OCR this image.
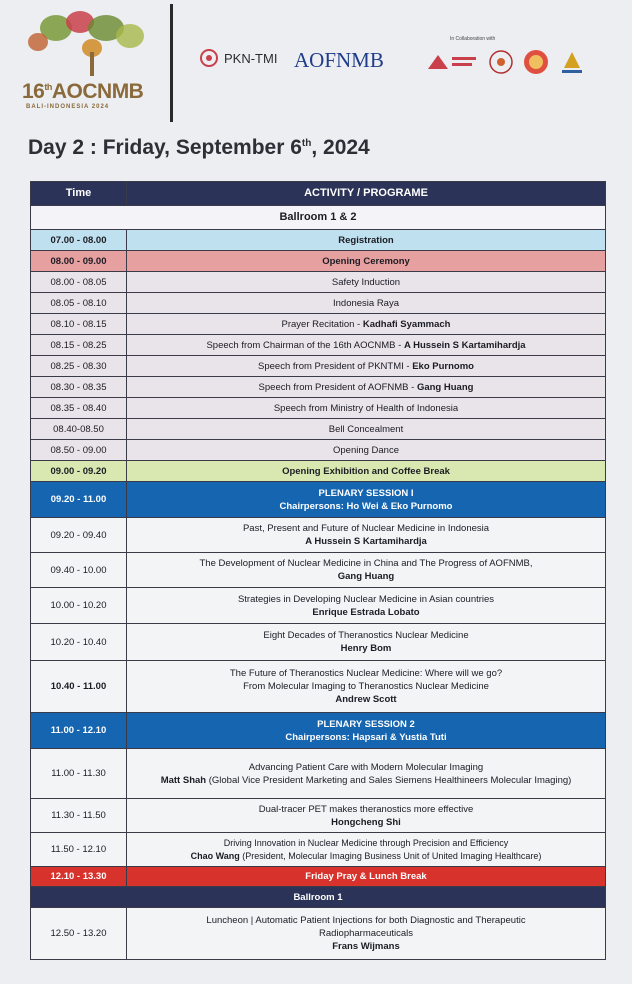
16thAOCNMB
BALI-INDONESIA 2024
PKN-TMI AOFNMB
In Collaboration with
Day 2 : Friday, September 6th, 2024
Time	ACTIVITY / PROGRAME
Ballroom 1 & 2	
07.00 - 08.00	Registration
08.00 - 09.00	Opening Ceremony
08.00 - 08.05	Safety Induction
08.05 - 08.10	Indonesia Raya
08.10 - 08.15	Prayer Recitation - Kadhafi Syammach
08.15 - 08.25	Speech from Chairman of the 16th AOCNMB - A Hussein S Kartamihardja
08.25 - 08.30	Speech from President of PKNTMI - Eko Purnomo
08.30 - 08.35	Speech from President of AOFNMB - Gang Huang
08.35 - 08.40	Speech from Ministry of Health of Indonesia
08.40-08.50	Bell Concealment
08.50 - 09.00	Opening Dance
09.00 - 09.20	Opening Exhibition and Coffee Break
09.20 - 11.00	PLENARY SESSION I
Chairpersons: Ho Wei & Eko Purnomo

09.20 - 09.40	Past, Present and Future of Nuclear Medicine in Indonesia
A Hussein S Kartamihardja

09.40 - 10.00	The Development of Nuclear Medicine in China and The Progress of AOFNMB,
Gang Huang

10.00 - 10.20	Strategies in Developing Nuclear Medicine in Asian countries
Enrique Estrada Lobato

10.20 - 10.40	Eight Decades of Theranostics Nuclear Medicine
Henry Bom

10.40 - 11.00	The Future of Theranostics Nuclear Medicine: Where will we go?
From Molecular Imaging to Theranostics Nuclear Medicine
Andrew Scott

11.00 - 12.10	PLENARY SESSION 2
Chairpersons: Hapsari & Yustia Tuti

11.00 - 11.30	Advancing Patient Care with Modern Molecular Imaging
Matt Shah (Global Vice President Marketing and Sales Siemens Healthineers Molecular Imaging)

11.30 - 11.50	Dual-tracer PET makes theranostics more effective
Hongcheng Shi

11.50 - 12.10	Driving Innovation in Nuclear Medicine through Precision and Efficiency
Chao Wang (President, Molecular Imaging Business Unit of United Imaging Healthcare)

12.10 - 13.30	Friday Pray & Lunch Break
Ballroom 1	
12.50 - 13.20	Luncheon | Automatic Patient Injections for both Diagnostic and Therapeutic
Radiopharmaceuticals
Frans Wijmans
